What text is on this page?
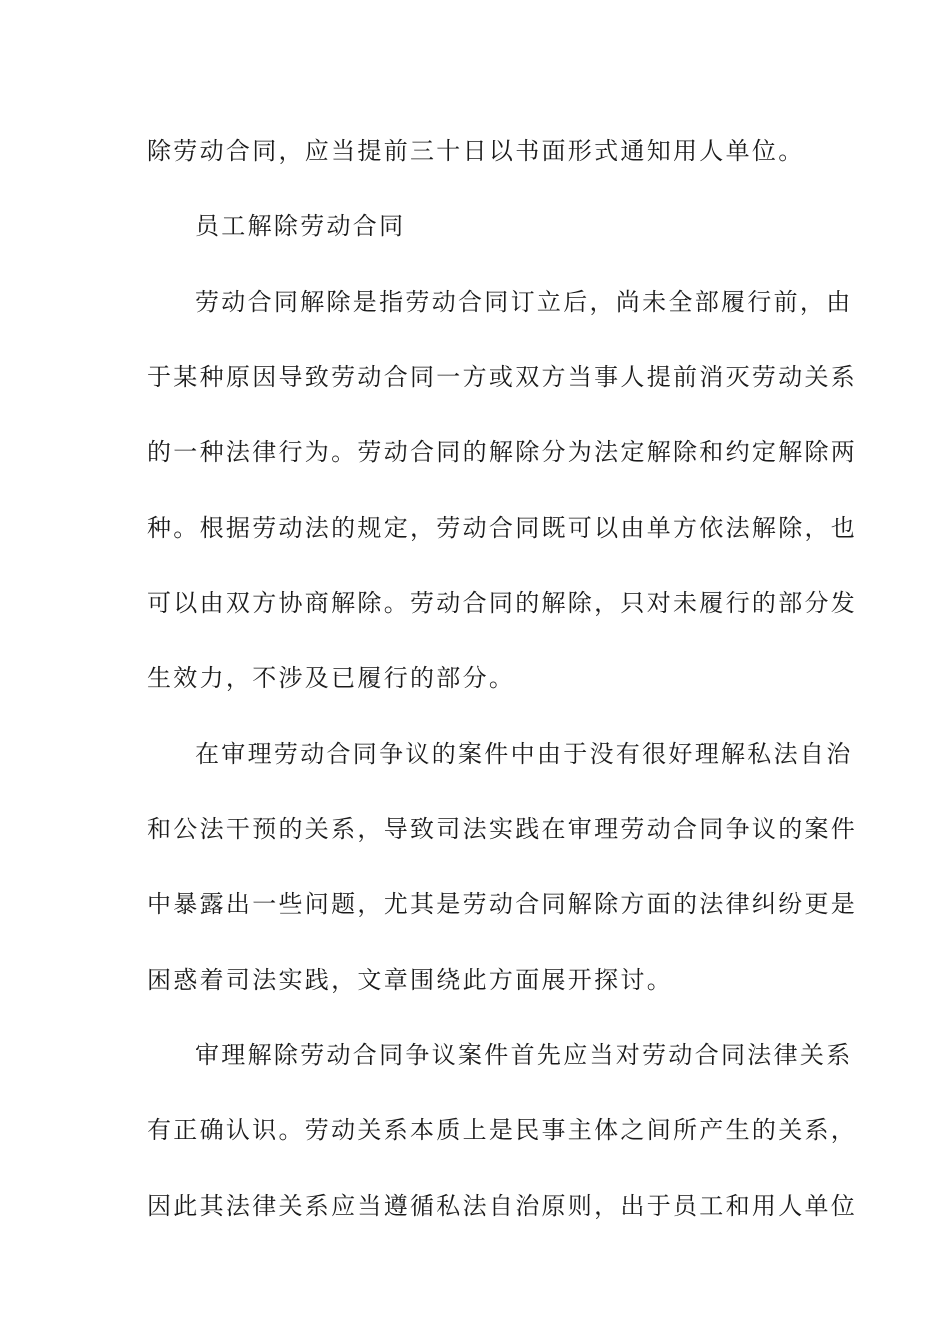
除劳动合同，应当提前三十日以书面形式通知用人单位。
员工解除劳动合同
劳动合同解除是指劳动合同订立后，尚未全部履行前，由
于某种原因导致劳动合同一方或双方当事人提前消灭劳动关系
的一种法律行为。劳动合同的解除分为法定解除和约定解除两
种。根据劳动法的规定，劳动合同既可以由单方依法解除，也
可以由双方协商解除。劳动合同的解除，只对未履行的部分发
生效力，不涉及已履行的部分。
在审理劳动合同争议的案件中由于没有很好理解私法自治
和公法干预的关系，导致司法实践在审理劳动合同争议的案件
中暴露出一些问题，尤其是劳动合同解除方面的法律纠纷更是
困惑着司法实践，文章围绕此方面展开探讨。
审理解除劳动合同争议案件首先应当对劳动合同法律关系
有正确认识。劳动关系本质上是民事主体之间所产生的关系，
因此其法律关系应当遵循私法自治原则，出于员工和用人单位
